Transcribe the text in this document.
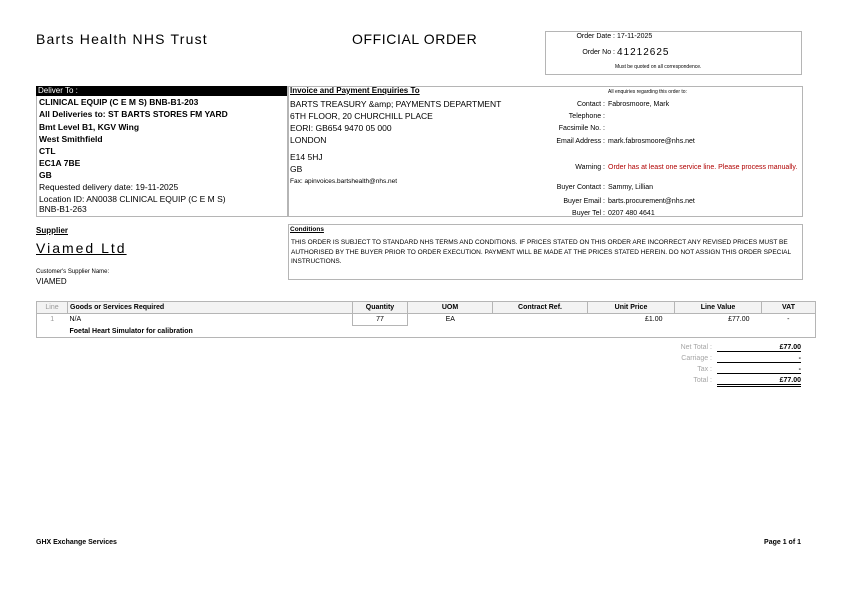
Barts Health NHS Trust	OFFICIAL ORDER	Order Date : 17-11-2025
Order No : 41212625
Must be quoted on all correspondence.
Deliver To :
CLINICAL EQUIP (C E M S) BNB-B1-203
All Deliveries to: ST BARTS STORES FM YARD
Bmt Level B1, KGV Wing
West Smithfield
CTL
EC1A 7BE
GB
Requested delivery date: 19-11-2025
Location ID: AN0038 CLINICAL EQUIP (C E M S)
BNB-B1-263
Invoice and Payment Enquiries To
BARTS TREASURY &amp; PAYMENTS DEPARTMENT
6TH FLOOR, 20 CHURCHILL PLACE
EORI: GB654 9470 05 000
LONDON
E14 5HJ
GB
Fax: apinvoices.bartshealth@nhs.net
All enquiries regarding this order to:
Contact : Fabrosmoore, Mark
Telephone :
Facsimile No. :
Email Address : mark.fabrosmoore@nhs.net
Warning : Order has at least one service line. Please process manually.
Buyer Contact : Sammy, Lillian
Buyer Email : barts.procurement@nhs.net
Buyer Tel : 0207 480 4641
Supplier
Viamed Ltd
Customer's Supplier Name:
VIAMED
Conditions
THIS ORDER IS SUBJECT TO STANDARD NHS TERMS AND CONDITIONS. IF PRICES STATED ON THIS ORDER ARE INCORRECT ANY REVISED PRICES MUST BE AUTHORISED BY THE BUYER PRIOR TO ORDER EXECUTION. PAYMENT WILL BE MADE AT THE PRICES STATED HEREIN. DO NOT ASSIGN THIS ORDER SPECIAL INSTRUCTIONS.
Line	Goods or Services Required	Quantity	UOM	Contract Ref.	Unit Price	Line Value	VAT
1	N/A	77	EA		£1.00	£77.00	-
	Foetal Heart Simulator for calibration						
Net Total :	£77.00
Carriage :	-
Tax :	-
Total :	£77.00
GHX Exchange Services	Page 1 of 1
